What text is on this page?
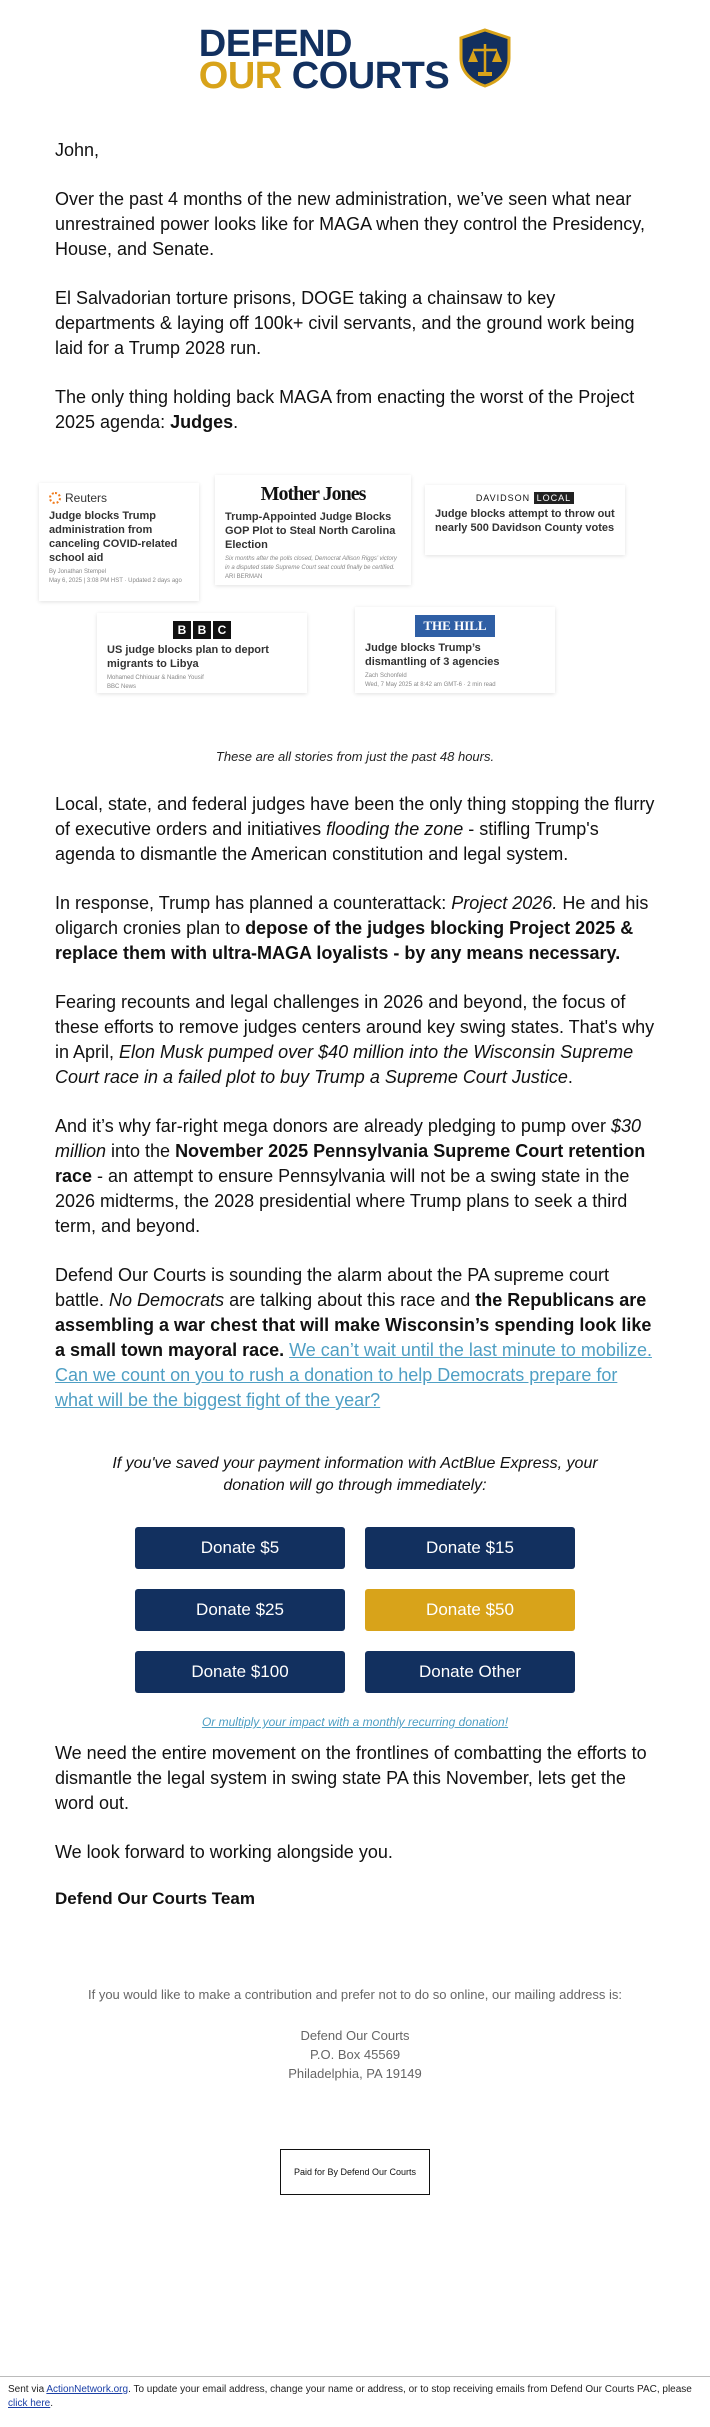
DEFEND
OUR COURTS

John,

Over the past 4 months of the new administration, we’ve seen what near unrestrained power looks like for MAGA when they control the Presidency, House, and Senate.

El Salvadorian torture prisons, DOGE taking a chainsaw to key departments & laying off 100k+ civil servants, and the ground work being laid for a Trump 2028 run.

The only thing holding back MAGA from enacting the worst of the Project 2025 agenda: Judges.

Reuters
Judge blocks Trump administration from canceling COVID-related school aid
By Jonathan Stempel
May 6, 2025 | 3:08 PM HST · Updated 2 days ago
Mother Jones
Trump-Appointed Judge Blocks GOP Plot to Steal North Carolina Election
Six months after the polls closed, Democrat Allison Riggs’ victory in a disputed state Supreme Court seat could finally be certified.
ARI BERMAN
DAVIDSON LOCAL
Judge blocks attempt to throw out nearly 500 Davidson County votes
B B C
US judge blocks plan to deport migrants to Libya
Mohamed Chhiouar & Nadine Yousif
BBC News
THE HILL
Judge blocks Trump’s dismantling of 3 agencies
Zach Schonfeld
Wed, 7 May 2025 at 8:42 am GMT-6 · 2 min read
These are all stories from just the past 48 hours.

Local, state, and federal judges have been the only thing stopping the flurry of executive orders and initiatives flooding the zone - stifling Trump's agenda to dismantle the American constitution and legal system.

In response, Trump has planned a counterattack: Project 2026. He and his oligarch cronies plan to depose of the judges blocking Project 2025 & replace them with ultra-MAGA loyalists - by any means necessary.

Fearing recounts and legal challenges in 2026 and beyond, the focus of these efforts to remove judges centers around key swing states. That's why in April, Elon Musk pumped over $40 million into the Wisconsin Supreme Court race in a failed plot to buy Trump a Supreme Court Justice.

And it’s why far-right mega donors are already pledging to pump over $30 million into the November 2025 Pennsylvania Supreme Court retention race - an attempt to ensure Pennsylvania will not be a swing state in the 2026 midterms, the 2028 presidential where Trump plans to seek a third term, and beyond.

Defend Our Courts is sounding the alarm about the PA supreme court battle. No Democrats are talking about this race and the Republicans are assembling a war chest that will make Wisconsin’s spending look like a small town mayoral race. We can’t wait until the last minute to mobilize. Can we count on you to rush a donation to help Democrats prepare for what will be the biggest fight of the year?

If you've saved your payment information with ActBlue Express, your donation will go through immediately:
Donate $5	Donate $15
Donate $25	Donate $50
Donate $100	Donate Other
Or multiply your impact with a monthly recurring donation!

We need the entire movement on the frontlines of combatting the efforts to dismantle the legal system in swing state PA this November, lets get the word out.

We look forward to working alongside you.

Defend Our Courts Team
If you would like to make a contribution and prefer not to do so online, our mailing address is:
Defend Our Courts
P.O. Box 45569
Philadelphia, PA 19149
Paid for By Defend Our Courts
Sent via ActionNetwork.org. To update your email address, change your name or address, or to stop receiving emails from Defend Our Courts PAC, please click here.
